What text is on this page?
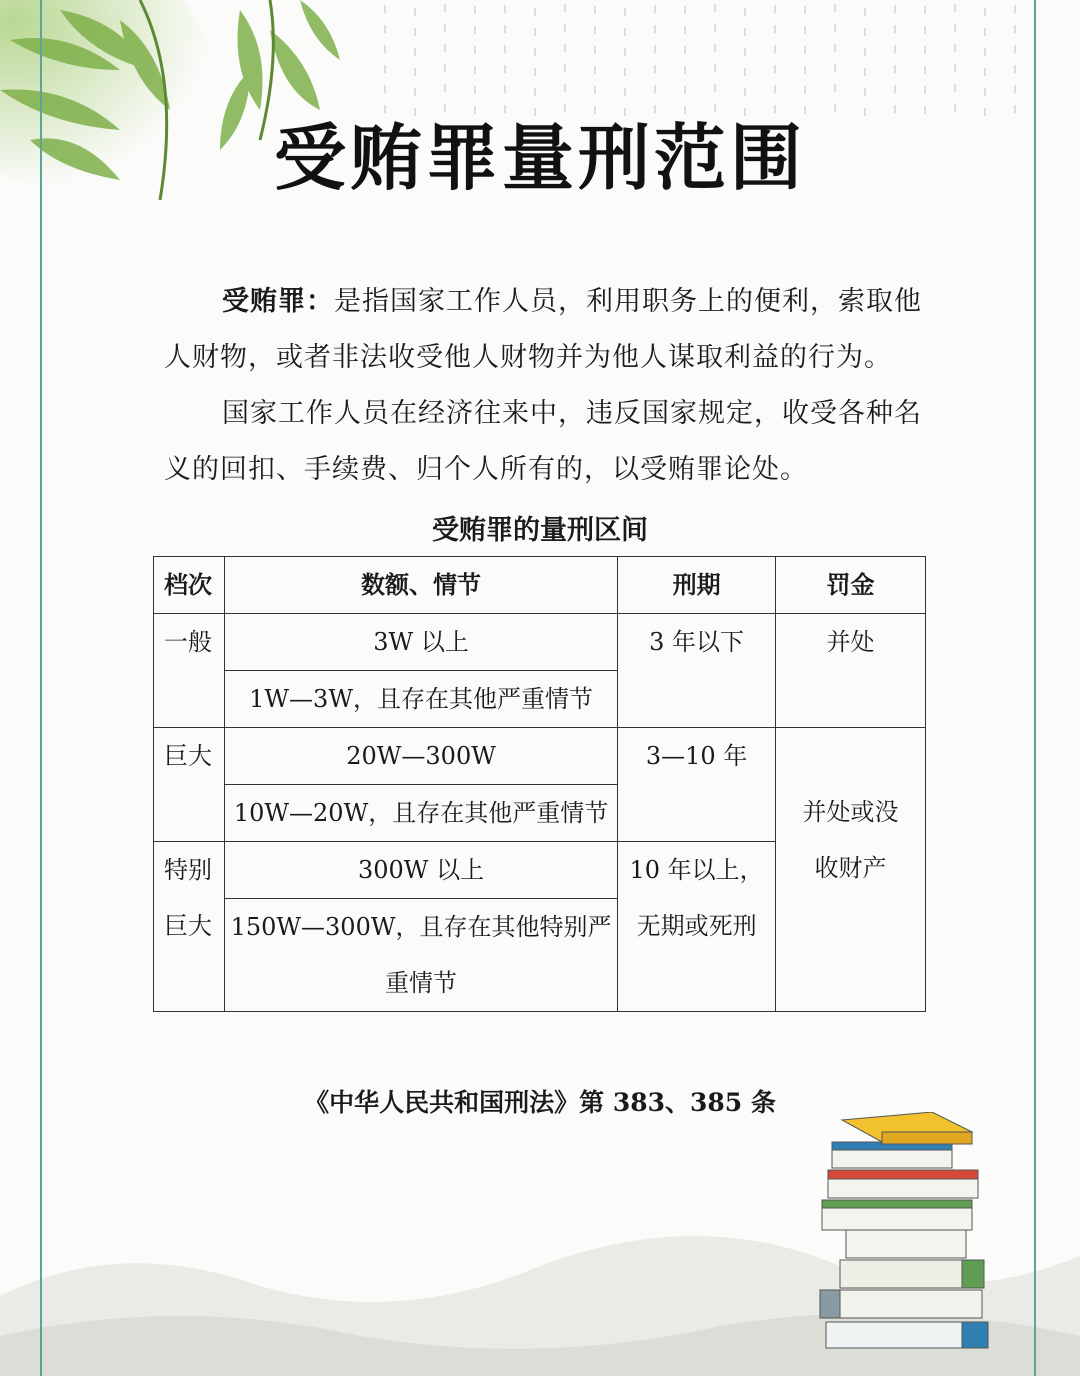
受贿罪量刑范围

受贿罪：是指国家工作人员，利用职务上的便利，索取他人财物，或者非法收受他人财物并为他人谋取利益的行为。

国家工作人员在经济往来中，违反国家规定，收受各种名义的回扣、手续费、归个人所有的，以受贿罪论处。

受贿罪的量刑区间
档次	数额、情节	刑期	罚金
一般	3W 以上	3 年以下	并处
	1W—3W，且存在其他严重情节		
巨大	20W—300W	3—10 年	并处或没收财产

	10W—20W，且存在其他严重情节		

特别巨大	300W 以上	10 年以上，无期或死刑	

	150W—300W，且存在其他特别严重情节		

《中华人民共和国刑法》第 383、385 条
